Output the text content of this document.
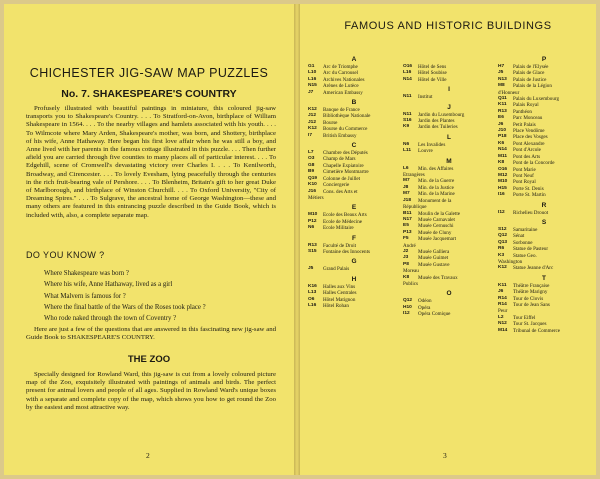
CHICHESTER JIG-SAW MAP PUZZLES
No. 7. SHAKESPEARE'S COUNTRY

Profusely illustrated with beautiful paintings in miniature, this coloured jig-saw transports you to Shakespeare's Country. . . . To Stratford-on-Avon, birthplace of William Shakespeare in 1564. . . . To the nearby villages and hamlets associated with his youth. . . . To Wilmcote where Mary Arden, Shakespeare's mother, was born, and Shottery, birthplace of his wife, Anne Hathaway. Here began his first love affair when he was still a boy, and Anne lived with her parents in the famous cottage illustrated in this puzzle. . . . Then further afield you are carried through five counties to many places all of particular interest. . . . To Edgehill, scene of Cromwell's devastating victory over Charles I. . . . To Kenilworth, Broadway, and Cirencester. . . . To lovely Evesham, lying peacefully through the centuries in the rich fruit-bearing vale of Pershore. . . . To Blenheim, Britain's gift to her great Duke of Marlborough, and birthplace of Winston Churchill. . . . To Oxford University, "City of Dreaming Spires." . . . To Sulgrave, the ancestral home of George Washington—these and many others are featured in this entrancing puzzle described in the Guide Book, which is included with, also, a complete separate map.

DO YOU KNOW ?
Where Shakespeare was born ?
Where his wife, Anne Hathaway, lived as a girl
What Malvern is famous for ?
Where the final battle of the Wars of the Roses took place ?
Who rode naked through the town of Coventry ?

Here are just a few of the questions that are answered in this fascinating new jig-saw and Guide Book to SHAKESPEARE'S COUNTRY.

THE ZOO

Specially designed for Rowland Ward, this jig-saw is cut from a lovely coloured picture map of the Zoo, exquisitely illustrated with paintings of animals and birds. The perfect present for animal lovers and people of all ages. Supplied in Rowland Ward's unique boxes with a separate and complete copy of the map, which shows you how to get round the Zoo by the easiest and most attractive way.

2
FAMOUS AND HISTORIC BUILDINGS
A
G1	Arc de Triomphe
L10	Arc du Carrousel
L16	Archives Nationales
N15	Arènes de Lutèce
J7	American Embassy
B
K12	Banque de France
J12	Bibliothèque Nationale
J12	Bourse
K12	Bourse du Commerce
I7	British Embassy
C
L7	Chambre des Députés
O3	Champ de Mars
G8	Chapelle Expiatoire
B9	Cimetière Montmartre
Q19	Colonne de Juillet
K10	Conciergerie
J16	Cons. des Arts et
Métiers
E
M10	Ecole des Beaux Arts
P12	Ecole de Médecine
N6	Ecole Militaire
F
R13	Faculté de Droit
S15	Fontaine des Innocents
G
J5	Grand Palais
H
K16	Halles aux Vins
L13	Halles Centrales
O6	Hôtel Matignon
L16	Hôtel Rohan
O16	Hôtel de Sens
L16	Hôtel Soubise
N14	Hôtel de Ville
I
N11	Institut
J
N11	Jardin du Luxembourg
S16	Jardin des Plantes
K9	Jardin des Tuileries
L
N6	Les Invalides
L11	Louvre
M
L6	Min. des Affaires
Etrangères
M7	Min. de la Guerre
J8	Min. de la Justice
M7	Min. de la Marine
J18	Monument de la
République
B11	Moulin de la Galette
N17	Musée Carnavalet
E5	Musée Cernuschi
P13	Musée de Cluny
F5	Musée Jacquemart
André
J2	Musée Galliera
J3	Musée Guimet
P8	Musée Gustave
Moreau
K8	Musée des Travaux
Publics
O
Q12	Odéon
H10	Opéra
I12	Opéra Comique
P
H7	Palais de l'Elysée
J5	Palais de Glace
N13	Palais de Justice
M8	Palais de la Légion
d'Honneur
Q11	Palais du Luxembourg
K11	Palais Royal
R13	Panthéon
E6	Parc Monceau
J6	Petit Palais
J10	Place Vendôme
P18	Place des Vosges
K6	Pont Alexandre
N14	Pont d'Arcole
M11	Pont des Arts
K8	Pont de la Concorde
O16	Pont Marie
M12	Pont Neuf
M10	Pont Royal
H15	Porte St. Denis
I16	Porte St. Martin
R
I12	Richelieu Drouot
S
S12	Samaritaine
Q12	Sénat
Q13	Sorbonne
R6	Statue de Pasteur
K3	Statue Geo.
Washington
K12	Statue Jeanne d'Arc
T
K11	Théâtre Française
J6	Théâtre Marigny
R14	Tour de Clovis
R14	Tour de Jean Sans
Peur
L2	Tour Eiffel
N12	Tour St. Jacques
M14	Tribunal de Commerce
3
